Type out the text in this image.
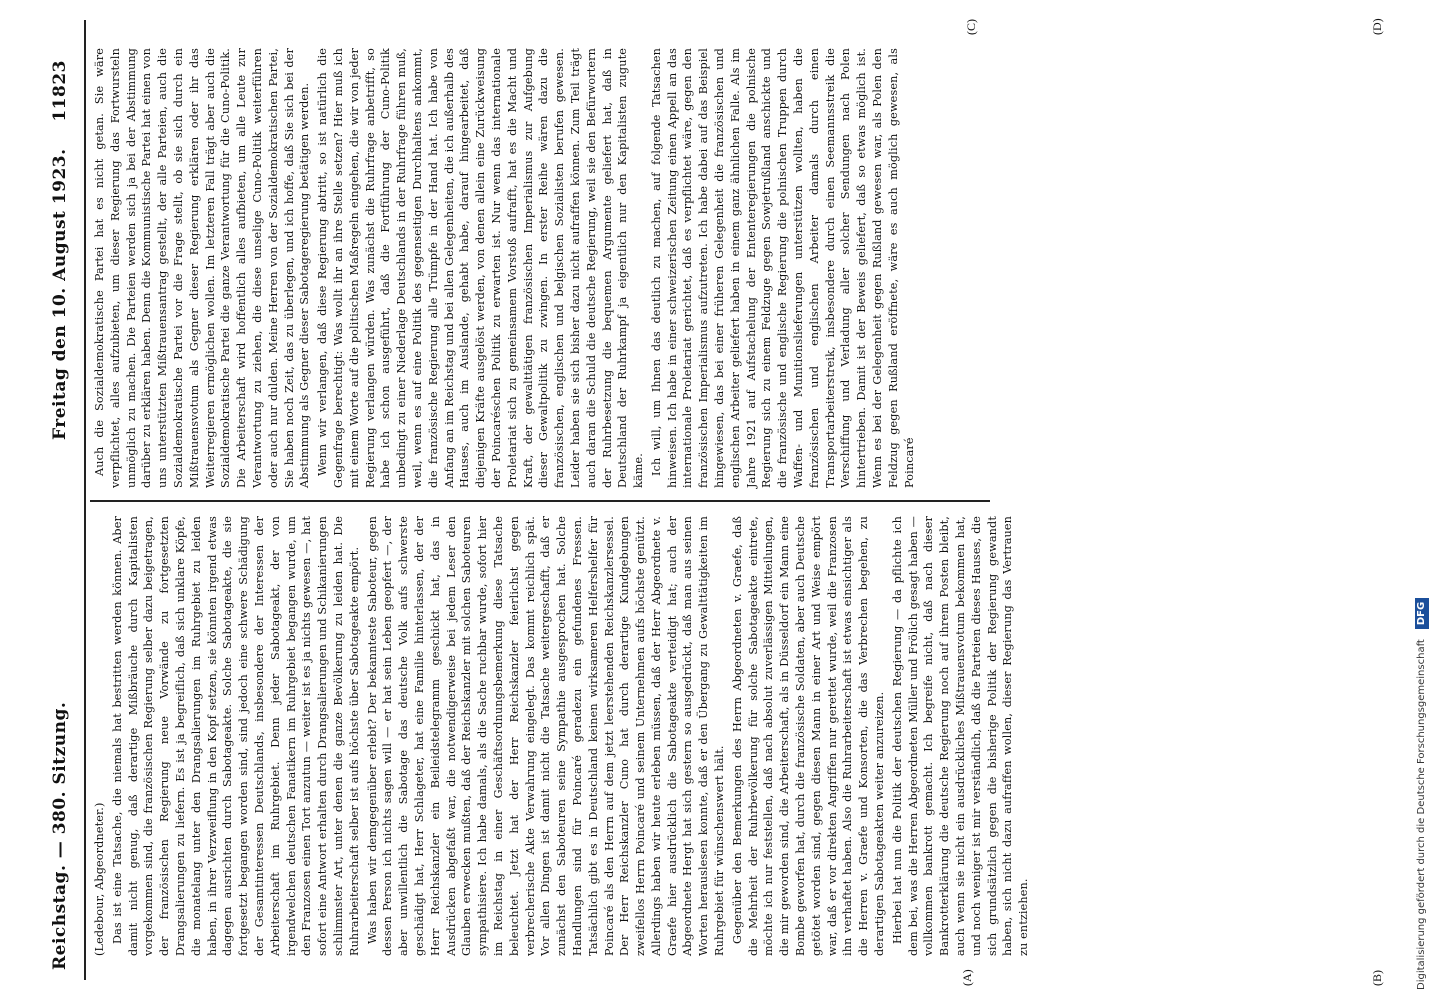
Reichstag. — 380. Sitzung.
Freitag den 10. August 1923.
11823

(Ledebour, Abgeordneter.) Das ist eine Tatsache, die niemals hat bestritten werden können. Aber damit nicht genug, daß derartige Mißbräuche durch Kapitalisten vorgekommen sind, die französischen Regierung selber dazu beigetragen, der französischen Regierung neue Vorwände zu fortgesetzten Drangsalierungen zu liefern. Es ist ja begreiflich, daß sich unklare Köpfe, die monatelang unter den Drangsalierungen im Ruhrgebiet zu leiden haben, in ihrer Verzweiflung in den Kopf setzen, sie könnten irgend etwas dagegen ausrichten durch Sabotageakte. Solche Sabotageakte, die sie fortgesetzt begangen worden sind, sind jedoch eine schwere Schädigung der Gesamtinteressen Deutschlands, insbesondere der Interessen der Arbeiterschaft im Ruhrgebiet. Denn jeder Sabotageakt, der von irgendwelchen deutschen Fanatikern im Ruhrgebiet begangen wurde, um den Franzosen einen Tort anzutun — weiter ist es ja nichts gewesen —, hat sofort eine Antwort erhalten durch Drangsalierungen und Schikanierungen schlimmster Art, unter denen die ganze Bevölkerung zu leiden hat. Die Ruhrarbeiterschaft selber ist aufs höchste über Sabotageakte empört. Was haben wir demgegenüber erlebt? Der bekannteste Saboteur, gegen dessen Person ich nichts sagen will — er hat sein Leben geopfert —, der aber unwillentlich die Sabotage das deutsche Volk aufs schwerste geschädigt hat, Herr Schlageter, hat eine Familie hinterlassen, der der Herr Reichskanzler ein Beileidstelegramm geschickt hat, das in Ausdrücken abgefaßt war, die notwendigerweise bei jedem Leser den Glauben erwecken mußten, daß der Reichskanzler mit solchen Saboteuren sympathisiere. Ich habe damals, als die Sache ruchbar wurde, sofort hier im Reichstag in einer Geschäftsordnungsbemerkung diese Tatsache beleuchtet. Jetzt hat der Herr Reichskanzler feierlichst gegen verbrecherische Akte Verwahrung eingelegt. Das kommt reichlich spät. Vor allen Dingen ist damit nicht die Tatsache weitergeschafft, daß er zunächst den Saboteuren seine Sympathie ausgesprochen hat. Solche Handlungen sind für Poincaré geradezu ein gefundenes Fressen. Tatsächlich gibt es in Deutschland keinen wirksameren Helfershelfer für Poincaré als den Herrn auf dem jetzt leerstehenden Reichskanzlersessel. Der Herr Reichskanzler Cuno hat durch derartige Kundgebungen zweifellos Herrn Poincaré und seinem Unternehmen aufs höchste genützt. Allerdings haben wir heute erleben müssen, daß der Herr Abgeordnete v. Graefe hier ausdrücklich die Sabotageakte verteidigt hat; auch der Abgeordnete Hergt hat sich gestern so ausgedrückt, daß man aus seinen Worten herauslesen konnte, daß er den Übergang zu Gewalttätigkeiten im Ruhrgebiet für wünschenswert hält. Gegenüber den Bemerkungen des Herrn Abgeordneten v. Graefe, daß die Mehrheit der Ruhrbevölkerung für solche Sabotageakte eintrete, möchte ich nur feststellen, daß nach absolut zuverlässigen Mitteilungen, die mir geworden sind, die Arbeiterschaft, als in Düsseldorf ein Mann eine Bombe geworfen hat, durch die französische Soldaten, aber auch Deutsche getötet worden sind, gegen diesen Mann in einer Art und Weise empört war, daß er vor direkten Angriffen nur gerettet wurde, weil die Franzosen ihn verhaftet haben. Also die Ruhrarbeiterschaft ist etwas einsichtiger als die Herren v. Graefe und Konsorten, die das Verbrechen begehen, zu derartigen Sabotageakten weiter anzureizen. Hierbei hat nun die Politik der deutschen Regierung — da pflichte ich dem bei, was die Herren Abgeordneten Müller und Frölich gesagt haben — vollkommen bankrott gemacht. Ich begreife nicht, daß nach dieser Bankrotterklärung die deutsche Regierung noch auf ihrem Posten bleibt, auch wenn sie nicht ein ausdrückliches Mißtrauensvotum bekommen hat, und noch weniger ist mir verständlich, daß die Parteien dieses Hauses, die sich grundsätzlich gegen die bisherige Politik der Regierung gewandt haben, sich nicht dazu aufraffen wollen, dieser Regierung das Vertrauen zu entziehen.

Auch die Sozialdemokratische Partei hat es nicht getan. Sie wäre verpflichtet, alles aufzubieten, um dieser Regierung das Fortwursteln unmöglich zu machen. Die Parteien werden sich ja bei der Abstimmung darüber zu erklären haben. Denn die Kommunistische Partei hat einen von uns unterstützten Mißtrauensantrag gestellt, der alle Parteien, auch die Sozialdemokratische Partei vor die Frage stellt, ob sie sich durch ein Mißtrauensvotum als Gegner dieser Regierung erklären oder ihr das Weiterregieren ermöglichen wollen. Im letzteren Fall trägt aber auch die Sozialdemokratische Partei die ganze Verantwortung für die Cuno-Politik. Die Arbeiterschaft wird hoffentlich alles aufbieten, um alle Leute zur Verantwortung zu ziehen, die diese unselige Cuno-Politik weiterführen oder auch nur dulden. Meine Herren von der Sozialdemokratischen Partei, Sie haben noch Zeit, das zu überlegen, und ich hoffe, daß Sie sich bei der Abstimmung als Gegner dieser Sabotageregierung betätigen werden. Wenn wir verlangen, daß diese Regierung abtritt, so ist natürlich die Gegenfrage berechtigt: Was wollt ihr an ihre Stelle setzen? Hier muß ich mit einem Worte auf die politischen Maßregeln eingehen, die wir von jeder Regierung verlangen würden. Was zunächst die Ruhrfrage anbetrifft, so habe ich schon ausgeführt, daß die Fortführung der Cuno-Politik unbedingt zu einer Niederlage Deutschlands in der Ruhrfrage führen muß, weil, wenn es auf eine Politik des gegenseitigen Durchhaltens ankommt, die französische Regierung alle Trümpfe in der Hand hat. Ich habe von Anfang an im Reichstag und bei allen Gelegenheiten, die ich außerhalb des Hauses, auch im Auslande, gehabt habe, darauf hingearbeitet, daß diejenigen Kräfte ausgelöst werden, von denen allein eine Zurückweisung der Poincaréschen Politik zu erwarten ist. Nur wenn das internationale Proletariat sich zu gemeinsamem Vorstoß aufrafft, hat es die Macht und Kraft, der gewalttätigen französischen Imperialismus zur Aufgebung dieser Gewaltpolitik zu zwingen. In erster Reihe wären dazu die französischen, englischen und belgischen Sozialisten berufen gewesen. Leider haben sie sich bisher dazu nicht aufraffen können. Zum Teil trägt auch daran die Schuld die deutsche Regierung, weil sie den Befürwortern der Ruhrbesetzung die bequemen Argumente geliefert hat, daß in Deutschland der Ruhrkampf ja eigentlich nur den Kapitalisten zugute käme. Ich will, um Ihnen das deutlich zu machen, auf folgende Tatsachen hinweisen. Ich habe in einer schweizerischen Zeitung einen Appell an das internationale Proletariat gerichtet, daß es verpflichtet wäre, gegen den französischen Imperialismus aufzutreten. Ich habe dabei auf das Beispiel hingewiesen, das bei einer früheren Gelegenheit die französischen und englischen Arbeiter geliefert haben in einem ganz ähnlichen Falle. Als im Jahre 1921 auf Aufstachelung der Ententeregierungen die polnische Regierung sich zu einem Feldzuge gegen Sowjetrußland anschickte und die französische und englische Regierung die polnischen Truppen durch Waffen- und Munitionslieferungen unterstützen wollten, haben die französischen und englischen Arbeiter damals durch einen Transportarbeiterstreik, insbesondere durch einen Seemannsstreik die Verschiffung und Verladung aller solcher Sendungen nach Polen hintertrieben. Damit ist der Beweis geliefert, daß so etwas möglich ist. Wenn es bei der Gelegenheit gegen Rußland gewesen war, als Polen den Feldzug gegen Rußland eröffnete, wäre es auch möglich gewesen, als Poincaré

(A)	(B)
(C)	(D)
Digitalisierung gefördert durch die Deutsche ForschungsgemeinschaftDFG
